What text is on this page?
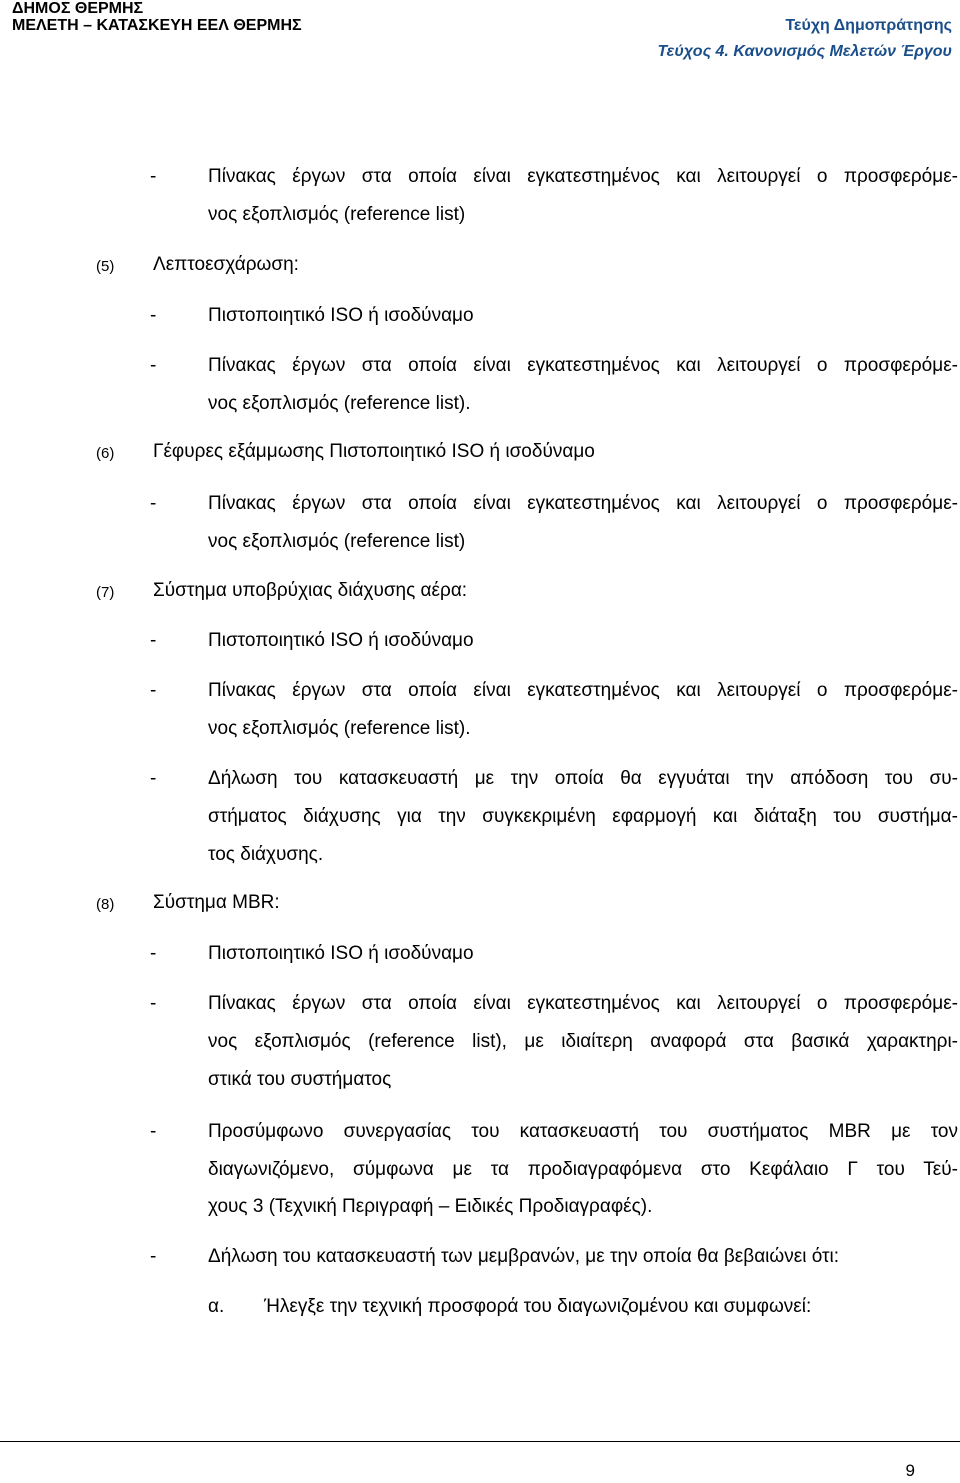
ΔΗΜΟΣ ΘΕΡΜΗΣ
ΜΕΛΕΤΗ – ΚΑΤΑΣΚΕΥΗ ΕΕΛ ΘΕΡΜΗΣ	Τεύχη Δημοπράτησης
Τεύχος 4. Κανονισμός Μελετών Έργου
-	Πίνακας έργων στα οποία είναι εγκατεστημένος και λειτουργεί ο προσφερόμε-
νος εξοπλισμός (reference list)
(5) Λεπτοεσχάρωση:
-	Πιστοποιητικό ISO ή ισοδύναμο
-	Πίνακας έργων στα οποία είναι εγκατεστημένος και λειτουργεί ο προσφερόμε-
νος εξοπλισμός (reference list).
(6) Γέφυρες εξάμμωσης Πιστοποιητικό ISO ή ισοδύναμο
-	Πίνακας έργων στα οποία είναι εγκατεστημένος και λειτουργεί ο προσφερόμε-
νος εξοπλισμός (reference list)
(7) Σύστημα υποβρύχιας διάχυσης αέρα:
-	Πιστοποιητικό ISO ή ισοδύναμο
-	Πίνακας έργων στα οποία είναι εγκατεστημένος και λειτουργεί ο προσφερόμε-
νος εξοπλισμός (reference list).
-	Δήλωση του κατασκευαστή με την οποία θα εγγυάται την απόδοση του συ-
στήματος διάχυσης για την συγκεκριμένη εφαρμογή και διάταξη του συστήμα-
τος διάχυσης.
(8) Σύστημα MBR:
-	Πιστοποιητικό ISO ή ισοδύναμο
-	Πίνακας έργων στα οποία είναι εγκατεστημένος και λειτουργεί ο προσφερόμε-
νος εξοπλισμός (reference list), με ιδιαίτερη αναφορά στα βασικά χαρακτηρι-
στικά του συστήματος
-	Προσύμφωνο συνεργασίας του κατασκευαστή του συστήματος MBR με τον
διαγωνιζόμενο, σύμφωνα με τα προδιαγραφόμενα στο Κεφάλαιο Γ του Τεύ-
χους 3 (Τεχνική Περιγραφή – Ειδικές Προδιαγραφές).
-	Δήλωση του κατασκευαστή των μεμβρανών, με την οποία θα βεβαιώνει ότι:
α. Ήλεγξε την τεχνική προσφορά του διαγωνιζομένου και συμφωνεί:
9
